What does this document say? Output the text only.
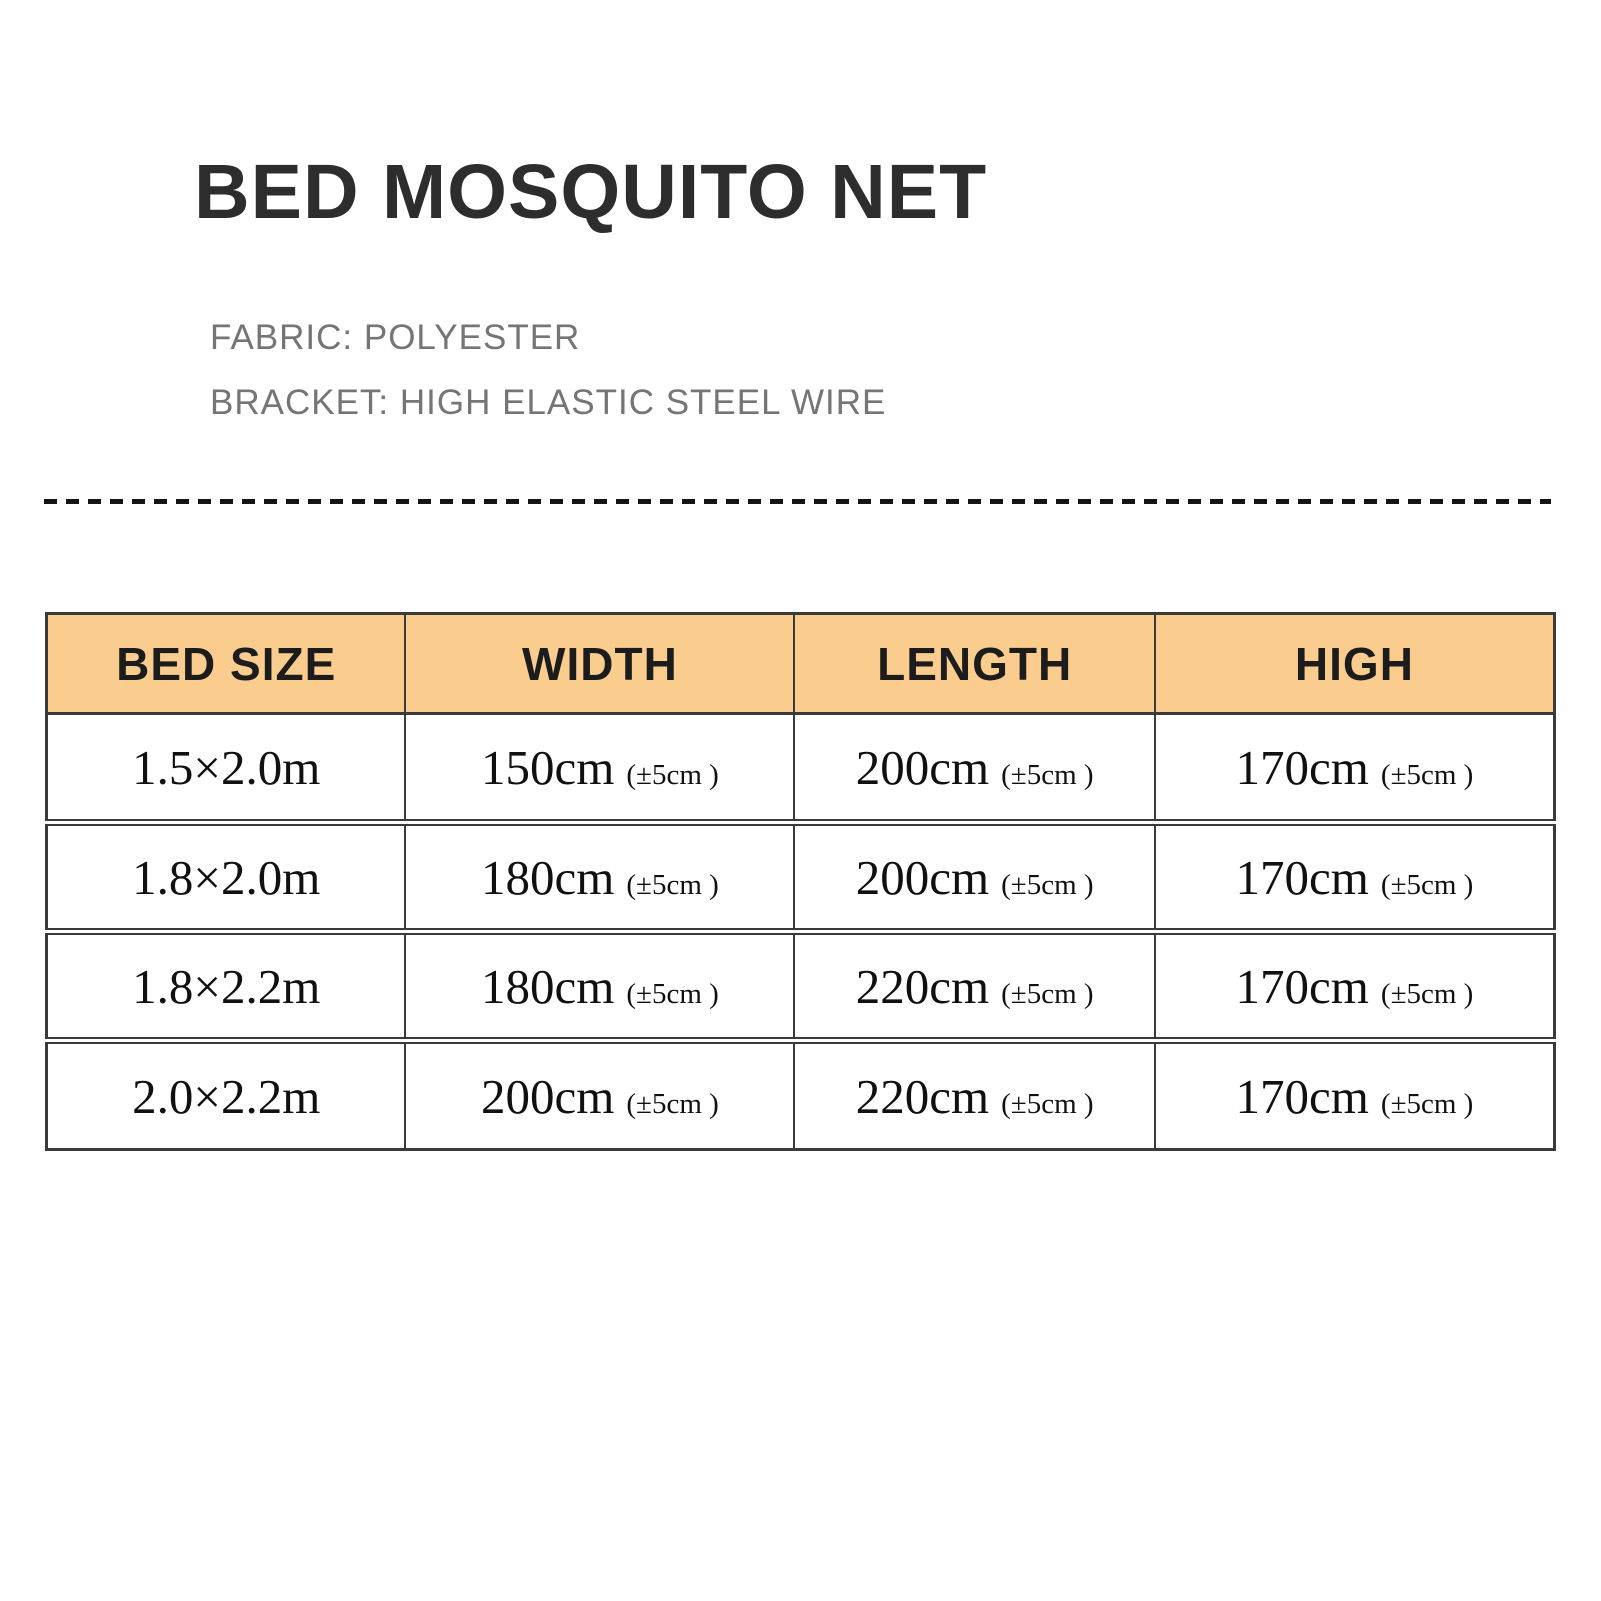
BED MOSQUITO NET
FABRIC: POLYESTER
BRACKET: HIGH ELASTIC STEEL WIRE
BED SIZE	WIDTH	LENGTH	HIGH
1.5×2.0m	150cm (±5cm )	200cm (±5cm )	170cm (±5cm )
1.8×2.0m	180cm (±5cm )	200cm (±5cm )	170cm (±5cm )
1.8×2.2m	180cm (±5cm )	220cm (±5cm )	170cm (±5cm )
2.0×2.2m	200cm (±5cm )	220cm (±5cm )	170cm (±5cm )
